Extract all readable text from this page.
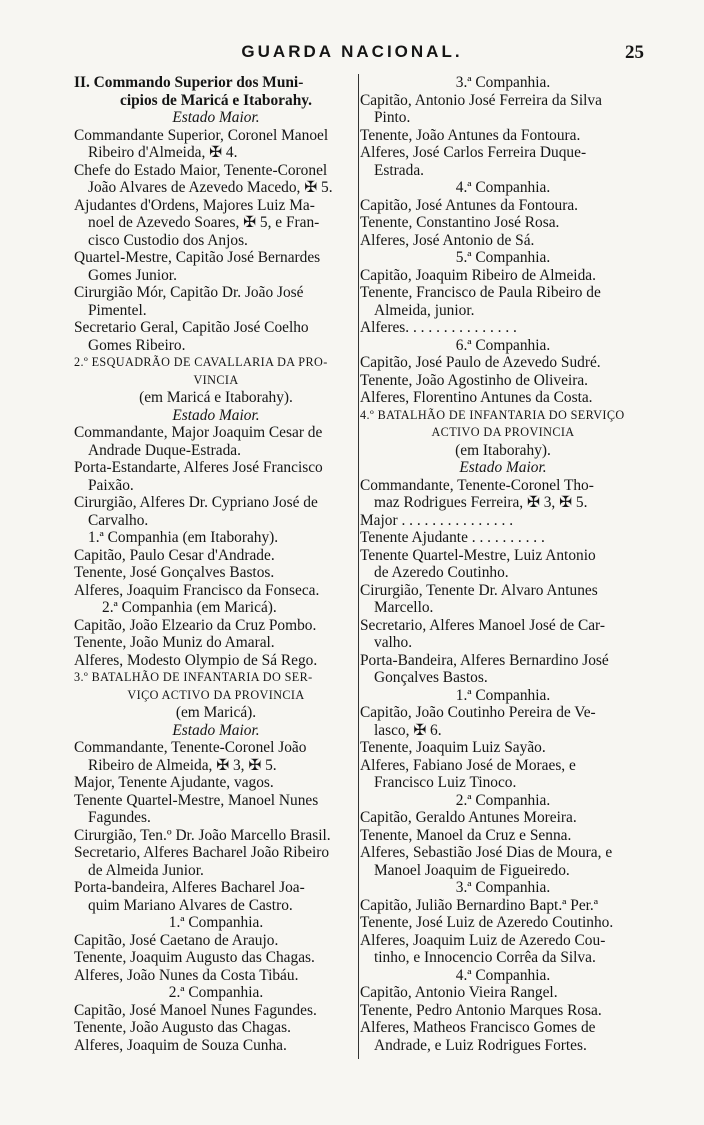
GUARDA NACIONAL.	25
II. Commando Superior dos Muni-
cipios de Maricá e Itaborahy.
Estado Maior.
Commandante Superior, Coronel Manoel
Ribeiro d'Almeida, ✠ 4.
Chefe do Estado Maior, Tenente-Coronel
João Alvares de Azevedo Macedo, ✠ 5.
Ajudantes d'Ordens, Majores Luiz Ma-
noel de Azevedo Soares, ✠ 5, e Fran-
cisco Custodio dos Anjos.
Quartel-Mestre, Capitão José Bernardes
Gomes Junior.
Cirurgião Mór, Capitão Dr. João José
Pimentel.
Secretario Geral, Capitão José Coelho
Gomes Ribeiro.
2.º ESQUADRÃO DE CAVALLARIA DA PRO-
VINCIA
(em Maricá e Itaborahy).
Estado Maior.
Commandante, Major Joaquim Cesar de
Andrade Duque-Estrada.
Porta-Estandarte, Alferes José Francisco
Paixão.
Cirurgião, Alferes Dr. Cypriano José de
Carvalho.
1.ª Companhia (em Itaborahy).
Capitão, Paulo Cesar d'Andrade.
Tenente, José Gonçalves Bastos.
Alferes, Joaquim Francisco da Fonseca.
2.ª Companhia (em Maricá).
Capitão, João Elzeario da Cruz Pombo.
Tenente, João Muniz do Amaral.
Alferes, Modesto Olympio de Sá Rego.
3.º BATALHÃO DE INFANTARIA DO SER-
VIÇO ACTIVO DA PROVINCIA
(em Maricá).
Estado Maior.
Commandante, Tenente-Coronel João
Ribeiro de Almeida, ✠ 3, ✠ 5.
Major, Tenente Ajudante, vagos.
Tenente Quartel-Mestre, Manoel Nunes
Fagundes.
Cirurgião, Ten.º Dr. João Marcello Brasil.
Secretario, Alferes Bacharel João Ribeiro
de Almeida Junior.
Porta-bandeira, Alferes Bacharel Joa-
quim Mariano Alvares de Castro.
1.ª Companhia.
Capitão, José Caetano de Araujo.
Tenente, Joaquim Augusto das Chagas.
Alferes, João Nunes da Costa Tibáu.
2.ª Companhia.
Capitão, José Manoel Nunes Fagundes.
Tenente, João Augusto das Chagas.
Alferes, Joaquim de Souza Cunha.
3.ª Companhia.
Capitão, Antonio José Ferreira da Silva
Pinto.
Tenente, João Antunes da Fontoura.
Alferes, José Carlos Ferreira Duque-
Estrada.
4.ª Companhia.
Capitão, José Antunes da Fontoura.
Tenente, Constantino José Rosa.
Alferes, José Antonio de Sá.
5.ª Companhia.
Capitão, Joaquim Ribeiro de Almeida.
Tenente, Francisco de Paula Ribeiro de
Almeida, junior.
Alferes. . . . . . . . . . . . . . .
6.ª Companhia.
Capitão, José Paulo de Azevedo Sudré.
Tenente, João Agostinho de Oliveira.
Alferes, Florentino Antunes da Costa.
4.º BATALHÃO DE INFANTARIA DO SERVIÇO
ACTIVO DA PROVINCIA
(em Itaborahy).
Estado Maior.
Commandante, Tenente-Coronel Tho-
maz Rodrigues Ferreira, ✠ 3, ✠ 5.
Major . . . . . . . . . . . . . . .
Tenente Ajudante . . . . . . . . . .
Tenente Quartel-Mestre, Luiz Antonio
de Azeredo Coutinho.
Cirurgião, Tenente Dr. Alvaro Antunes
Marcello.
Secretario, Alferes Manoel José de Car-
valho.
Porta-Bandeira, Alferes Bernardino José
Gonçalves Bastos.
1.ª Companhia.
Capitão, João Coutinho Pereira de Ve-
lasco, ✠ 6.
Tenente, Joaquim Luiz Sayão.
Alferes, Fabiano José de Moraes, e
Francisco Luiz Tinoco.
2.ª Companhia.
Capitão, Geraldo Antunes Moreira.
Tenente, Manoel da Cruz e Senna.
Alferes, Sebastião José Dias de Moura, e
Manoel Joaquim de Figueiredo.
3.ª Companhia.
Capitão, Julião Bernardino Bapt.ª Per.ª
Tenente, José Luiz de Azeredo Coutinho.
Alferes, Joaquim Luiz de Azeredo Cou-
tinho, e Innocencio Corrêa da Silva.
4.ª Companhia.
Capitão, Antonio Vieira Rangel.
Tenente, Pedro Antonio Marques Rosa.
Alferes, Matheos Francisco Gomes de
Andrade, e Luiz Rodrigues Fortes.
